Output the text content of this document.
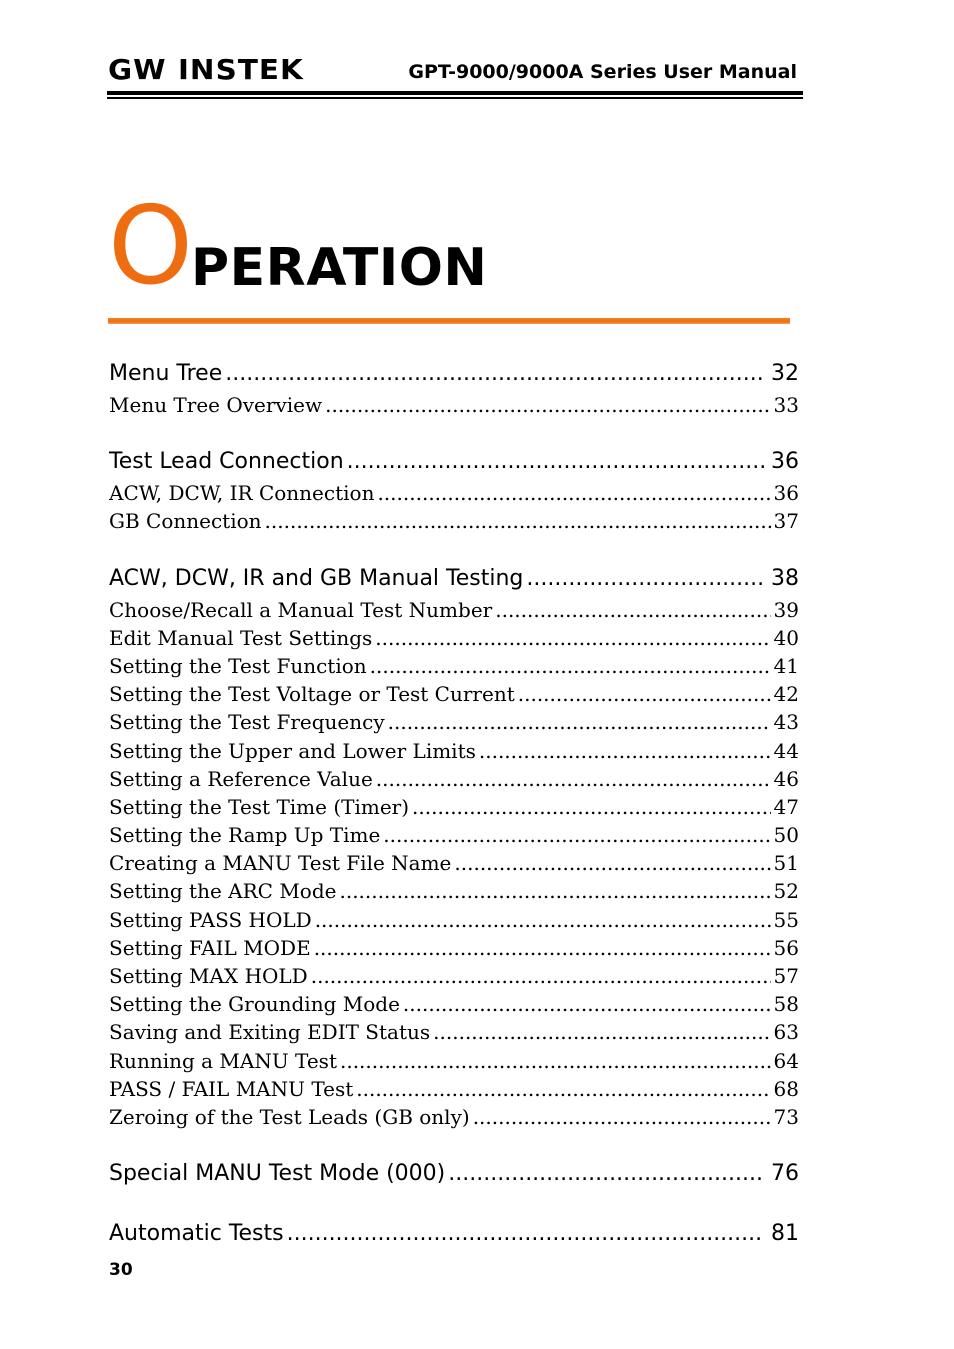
GW INSTEK	GPT-9000/9000A Series User Manual
O
PERATION
Menu Tree .....	32
Menu Tree Overview .....	33
Test Lead Connection .....	36
ACW, DCW, IR Connection .....	36
GB Connection .....	37
ACW, DCW, IR and GB Manual Testing .....	38
Choose/Recall a Manual Test Number .....	39
Edit Manual Test Settings .....	40
Setting the Test Function .....	41
Setting the Test Voltage or Test Current .....	42
Setting the Test Frequency .....	43
Setting the Upper and Lower Limits .....	44
Setting a Reference Value .....	46
Setting the Test Time (Timer) .....	47
Setting the Ramp Up Time .....	50
Creating a MANU Test File Name .....	51
Setting the ARC Mode .....	52
Setting PASS HOLD .....	55
Setting FAIL MODE .....	56
Setting MAX HOLD .....	57
Setting the Grounding Mode .....	58
Saving and Exiting EDIT Status .....	63
Running a MANU Test .....	64
PASS / FAIL MANU Test .....	68
Zeroing of the Test Leads (GB only) .....	73
Special MANU Test Mode (000) .....	76
Automatic Tests .....	81
30
